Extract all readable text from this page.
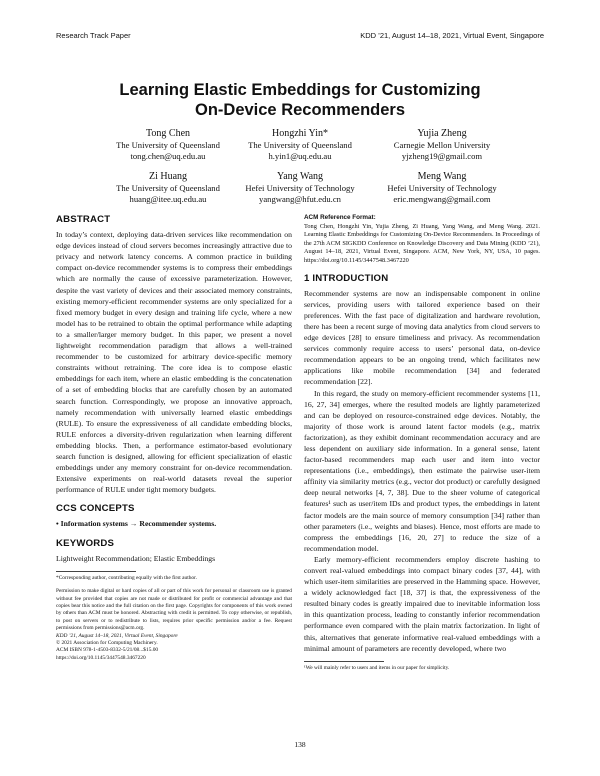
Research Track Paper	KDD ’21, August 14–18, 2021, Virtual Event, Singapore
Learning Elastic Embeddings for Customizing
On-Device Recommenders
Tong Chen
The University of Queensland
tong.chen@uq.edu.au
Hongzhi Yin*
The University of Queensland
h.yin1@uq.edu.au
Yujia Zheng
Carnegie Mellon University
yjzheng19@gmail.com
Zi Huang
The University of Queensland
huang@itee.uq.edu.au
Yang Wang
Hefei University of Technology
yangwang@hfut.edu.cn
Meng Wang
Hefei University of Technology
eric.mengwang@gmail.com
ABSTRACT

In today’s context, deploying data-driven services like recommendation on edge devices instead of cloud servers becomes increasingly attractive due to privacy and network latency concerns. A common practice in building compact on-device recommender systems is to compress their embeddings which are normally the cause of excessive parameterization. However, despite the vast variety of devices and their associated memory constraints, existing memory-efficient recommender systems are only specialized for a fixed memory budget in every design and training life cycle, where a new model has to be retrained to obtain the optimal performance while adapting to a smaller/larger memory budget. In this paper, we present a novel lightweight recommendation paradigm that allows a well-trained recommender to be customized for arbitrary device-specific memory constraints without retraining. The core idea is to compose elastic embeddings for each item, where an elastic embedding is the concatenation of a set of embedding blocks that are carefully chosen by an automated search function. Correspondingly, we propose an innovative approach, namely recommendation with universally learned elastic embeddings (RULE). To ensure the expressiveness of all candidate embedding blocks, RULE enforces a diversity-driven regularization when learning different embedding blocks. Then, a performance estimator-based evolutionary search function is designed, allowing for efficient specialization of elastic embeddings under any memory constraint for on-device recommendation. Extensive experiments on real-world datasets reveal the superior performance of RULE under tight memory budgets.

CCS CONCEPTS

• Information systems → Recommender systems.

KEYWORDS

Lightweight Recommendation; Elastic Embeddings

*Corresponding author, contributing equally with the first author.

Permission to make digital or hard copies of all or part of this work for personal or classroom use is granted without fee provided that copies are not made or distributed for profit or commercial advantage and that copies bear this notice and the full citation on the first page. Copyrights for components of this work owned by others than ACM must be honored. Abstracting with credit is permitted. To copy otherwise, or republish, to post on servers or to redistribute to lists, requires prior specific permission and/or a fee. Request permissions from permissions@acm.org.

KDD ’21, August 14–18, 2021, Virtual Event, Singapore

© 2021 Association for Computing Machinery.

ACM ISBN 978-1-4503-8332-5/21/08...$15.00

https://doi.org/10.1145/3447548.3467220

ACM Reference Format:

Tong Chen, Hongzhi Yin, Yujia Zheng, Zi Huang, Yang Wang, and Meng Wang. 2021. Learning Elastic Embeddings for Customizing On-Device Recommenders. In Proceedings of the 27th ACM SIGKDD Conference on Knowledge Discovery and Data Mining (KDD ’21), August 14–18, 2021, Virtual Event, Singapore. ACM, New York, NY, USA, 10 pages. https://doi.org/10.1145/3447548.3467220

1 INTRODUCTION

Recommender systems are now an indispensable component in online services, providing users with tailored experience based on their preferences. With the fast pace of digitalization and hardware revolution, there has been a recent surge of moving data analytics from cloud servers to edge devices [28] to ensure timeliness and privacy. As recommendation services commonly require access to users’ personal data, on-device recommendation appears to be an ongoing trend, which facilitates new applications like mobile recommendation [34] and federated recommendation [22].

In this regard, the study on memory-efficient recommender systems [11, 16, 27, 34] emerges, where the resulted models are lightly parameterized and can be deployed on resource-constrained edge devices. Notably, the majority of those work is around latent factor models (e.g., matrix factorization), as they exhibit dominant recommendation accuracy and are less dependent on auxiliary side information. In a general sense, latent factor-based recommenders map each user and item into vector representations (i.e., embeddings), then estimate the pairwise user-item affinity via similarity metrics (e.g., vector dot product) or carefully designed deep neural networks [4, 7, 38]. Due to the sheer volume of categorical features¹ such as user/item IDs and product types, the embeddings in latent factor models are the main source of memory consumption [34] rather than other parameters (i.e., weights and biases). Hence, most efforts are made to compress the embeddings [16, 20, 27] to reduce the size of a recommendation model.

Early memory-efficient recommenders employ discrete hashing to convert real-valued embeddings into compact binary codes [37, 44], with which user-item similarities are preserved in the Hamming space. However, a widely acknowledged fact [18, 37] is that, the expressiveness of the resulted binary codes is greatly impaired due to inevitable information loss in this quantization process, leading to constantly inferior recommendation performance even compared with the plain matrix factorization. In light of this, alternatives that generate informative real-valued embeddings with a minimal amount of parameters are recently developed, where two

¹We will mainly refer to users and items in our paper for simplicity.

138
